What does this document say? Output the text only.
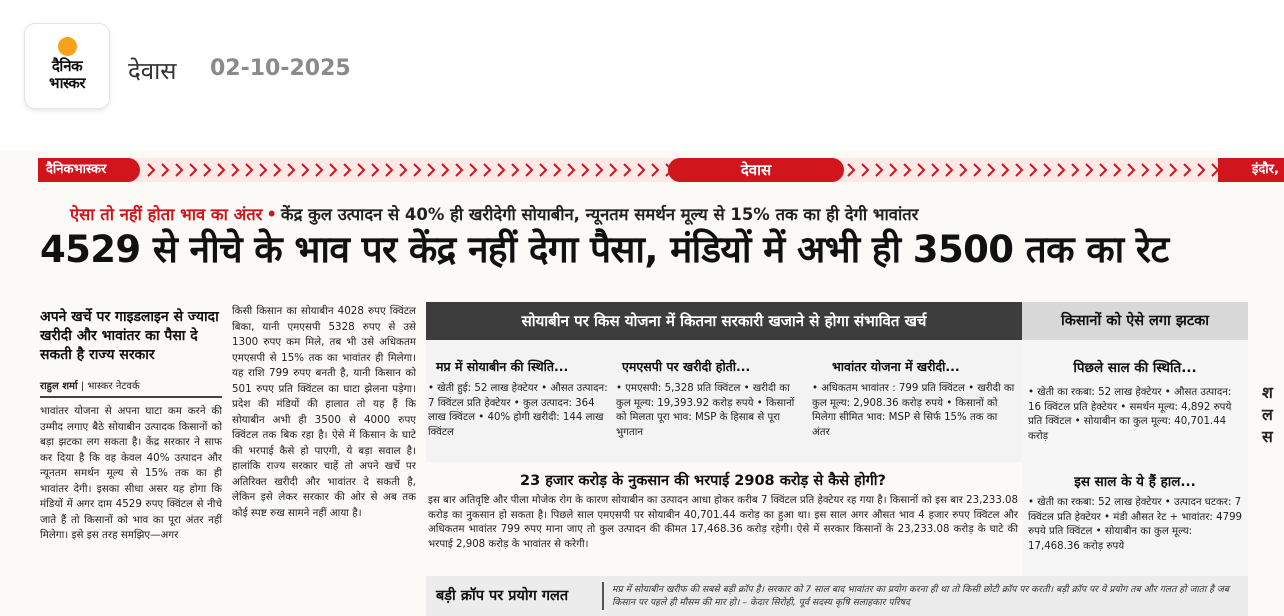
दैनिक
भास्कर	देवास 02-10-2025
दैनिकभास्कर	देवास	इंदौर,
ऐसा तो नहीं होता भाव का अंतर • केंद्र कुल उत्पादन से 40% ही खरीदेगी सोयाबीन, न्यूनतम समर्थन मूल्य से 15% तक का ही देगी भावांतर
4529 से नीचे के भाव पर केंद्र नहीं देगा पैसा, मंडियों में अभी ही 3500 तक का रेट
अपने खर्चे पर गाइडलाइन से ज्यादा खरीदी और भावांतर का पैसा दे सकती है राज्य सरकार
राहुल शर्मा | भास्कर नेटवर्क
भावांतर योजना से अपना घाटा कम करने की उम्मीद लगाए बैठे सोयाबीन उत्पादक किसानों को बड़ा झटका लग सकता है। केंद्र सरकार ने साफ कर दिया है कि वह केवल 40% उत्पादन और न्यूनतम समर्थन मूल्य से 15% तक का ही भावांतर देगी। इसका सीधा असर यह होगा कि मंडियों में अगर दाम 4529 रुपए क्विंटल से नीचे जाते हैं तो किसानों को भाव का पूरा अंतर नहीं मिलेगा। इसे इस तरह समझिए—अगर
किसी किसान का सोयाबीन 4028 रुपए क्विंटल बिका, यानी एमएसपी 5328 रुपए से उसे 1300 रुपए कम मिले, तब भी उसे अधिकतम एमएसपी से 15% तक का भावांतर ही मिलेगा। यह राशि 799 रुपए बनती है, यानी किसान को 501 रुपए प्रति क्विंटल का घाटा झेलना पड़ेगा। प्रदेश की मंडियों की हालात तो यह हैं कि सोयाबीन अभी ही 3500 से 4000 रुपए क्विंटल तक बिक रहा है। ऐसे में किसान के घाटे की भरपाई कैसे हो पाएगी, ये बड़ा सवाल है। हालांकि राज्य सरकार चाहें तो अपने खर्चे पर अतिरिक्त खरीदी और भावांतर दे सकती है, लेकिन इसे लेकर सरकार की ओर से अब तक कोई स्पष्ट रुख सामने नहीं आया है।
सोयाबीन पर किस योजना में कितना सरकारी खजाने से होगा संभावित खर्च
मप्र में सोयाबीन की स्थिति...
• खेती हुई: 52 लाख हेक्टेयर • औसत उत्पादन: 7 क्विंटल प्रति हेक्टेयर • कुल उत्पादन: 364 लाख क्विंटल • 40% होगी खरीदी: 144 लाख क्विंटल
एमएसपी पर खरीदी होती...
• एमएसपी: 5,328 प्रति क्विंटल • खरीदी का कुल मूल्य: 19,393.92 करोड़ रुपये • किसानों को मिलता पूरा भाव: MSP के हिसाब से पूरा भुगतान
भावांतर योजना में खरीदी...
• अधिकतम भावांतर : 799 प्रति क्विंटल • खरीदी का कुल मूल्य: 2,908.36 करोड़ रुपये • किसानों को मिलेगा सीमित भाव: MSP से सिर्फ 15% तक का अंतर
23 हजार करोड़ के नुकसान की भरपाई 2908 करोड़ से कैसे होगी?
इस बार अतिवृष्टि और पीला मोजेक रोग के कारण सोयाबीन का उत्पादन आधा होकर करीब 7 क्विंटल प्रति हेक्टेयर रह गया है। किसानों को इस बार 23,233.08 करोड़ का नुकसान हो सकता है। पिछले साल एमएसपी पर सोयाबीन 40,701.44 करोड़ का हुआ था। इस साल अगर औसत भाव 4 हजार रुपए क्विंटल और अधिकतम भावांतर 799 रुपए माना जाए तो कुल उत्पादन की कीमत 17,468.36 करोड़ रहेगी। ऐसे में सरकार किसानों के 23,233.08 करोड़ के घाटे की भरपाई 2,908 करोड़ के भावांतर से करेगी।
बड़ी क्रॉप पर प्रयोग गलत	मप्र में सोयाबीन खरीफ की सबसे बड़ी क्रॉप है। सरकार को 7 साल बाद भावांतर का प्रयोग करना ही था तो किसी छोटी क्रॉप पर करती। बड़ी क्रॉप पर ये प्रयोग तब और गलत हो जाता है जब किसान पर पहले ही मौसम की मार हो। – केदार सिरोही, पूर्व सदस्य कृषि सलाहकार परिषद
किसानों को ऐसे लगा झटका
पिछले साल की स्थिति...
• खेती का रकबा: 52 लाख हेक्टेयर • औसत उत्पादन: 16 क्विंटल प्रति हेक्टेयर • समर्थन मूल्य: 4,892 रुपये प्रति क्विंटल • सोयाबीन का कुल मूल्य: 40,701.44 करोड़
इस साल के ये हैं हाल...
• खेती का रकबा: 52 लाख हेक्टेयर • उत्पादन घटकर: 7 क्विंटल प्रति हेक्टेयर • मंडी औसत रेट + भावांतर: 4799 रुपये प्रति क्विंटल • सोयाबीन का कुल मूल्य: 17,468.36 करोड़ रुपये
श
ल
स
